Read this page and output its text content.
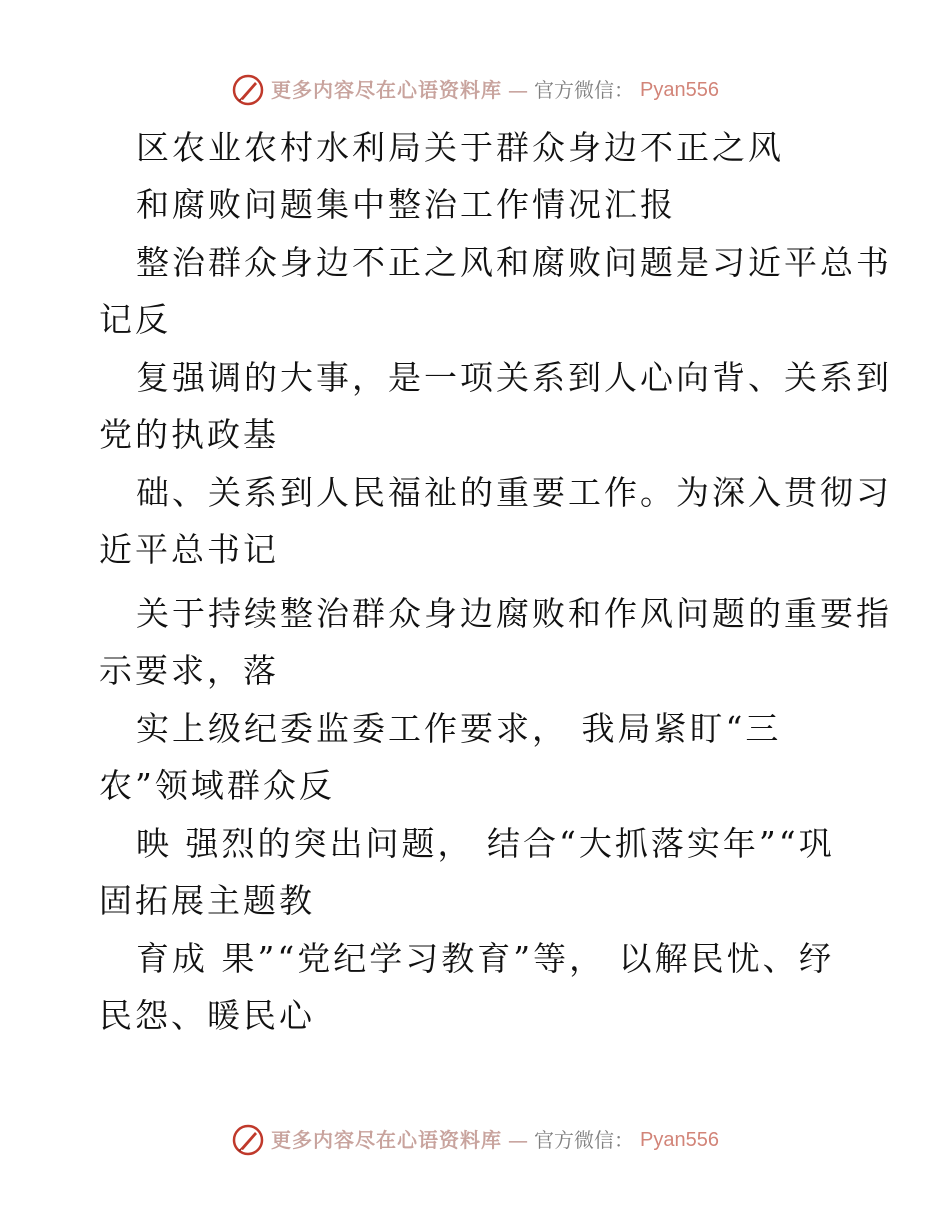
更多内容尽在心语资料库 — 官方微信： Pyan556
区农业农村水利局关于群众身边不正之风
和腐败问题集中整治工作情况汇报
整治群众身边不正之风和腐败问题是习近平总书
记反
复强调的大事，是一项关系到人心向背、关系到
党的执政基
础、关系到人民福祉的重要工作。为深入贯彻习
近平总书记
关于持续整治群众身边腐败和作风问题的重要指
示要求，落
实上级纪委监委工作要求， 我局紧盯“三
农”领域群众反
映 强烈的突出问题， 结合“大抓落实年”“巩
固拓展主题教
育成 果”“党纪学习教育”等， 以解民忧、纾
民怨、暖民心
更多内容尽在心语资料库 — 官方微信： Pyan556
